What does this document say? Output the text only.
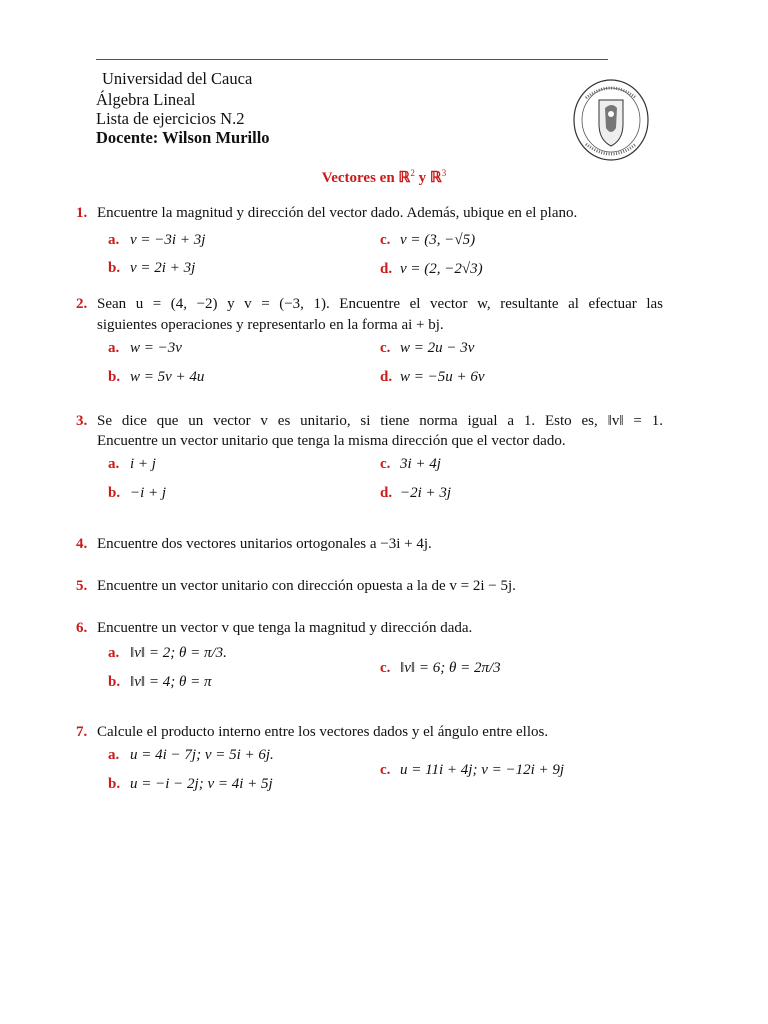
Universidad del Cauca
Álgebra Lineal
Lista de ejercicios N.2
Docente: Wilson Murillo
Vectores en ℝ$^2$ y ℝ$^3$
1. Encuentre la magnitud y dirección del vector dado. Además, ubique en el plano.
a. v = −3i + 3j
b. v = 2i + 3j
c. v = (3, −√5)
d. v = (2, −2√3)
2. Sean u = (4, −2) y v = (−3, 1). Encuentre el vector w, resultante al efectuar las
siguientes operaciones y representarlo en la forma ai + bj.
a. w = −3v
b. w = 5v + 4u
c. w = 2u − 3v
d. w = −5u + 6v
3. Se dice que un vector v es unitario, si tiene norma igual a 1. Esto es, ‖v‖ = 1.
Encuentre un vector unitario que tenga la misma dirección que el vector dado.
a. i + j
b. −i + j
c. 3i + 4j
d. −2i + 3j
4. Encuentre dos vectores unitarios ortogonales a −3i + 4j.
5. Encuentre un vector unitario con dirección opuesta a la de v = 2i − 5j.
6. Encuentre un vector v que tenga la magnitud y dirección dada.
a. ‖v‖ = 2; θ = π/3.
b. ‖v‖ = 4; θ = π
c. ‖v‖ = 6; θ = 2π/3
7. Calcule el producto interno entre los vectores dados y el ángulo entre ellos.
a. u = 4i − 7j; v = 5i + 6j.
b. u = −i − 2j; v = 4i + 5j
c. u = 11i + 4j; v = −12i + 9j
